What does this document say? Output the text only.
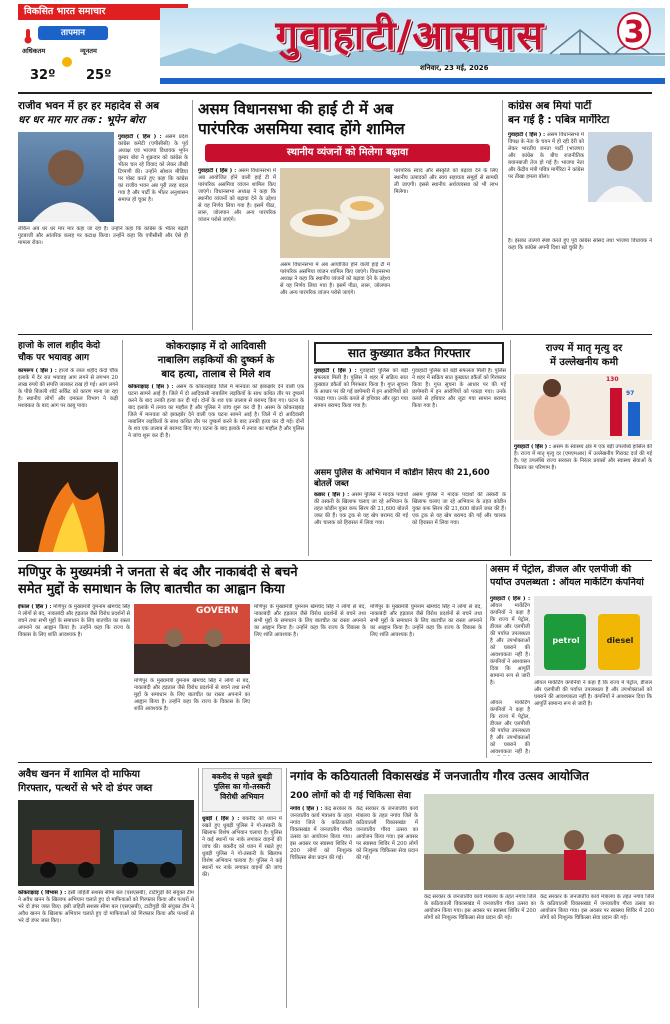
विकसित भारत समाचार
गुवाहाटी/आसपास	3
शनिवार, 23 मई, 2026
तापमान
अधिकतम	न्यूनतम
32º	25º
राजीव भवन में हर हर महादेव से अब
धर धर मार मार तक : भूपेन बोरा
गुवाहाटी ( हिंस ) : असम प्रदेश कांग्रेस कमेटी (एपीसीसी) के पूर्व अध्यक्ष एवं भाजपा विधायक भूपेन कुमार बोरा ने शुक्रवार को कांग्रेस के भीतर चल रहे विवाद को लेकर तीखी टिप्पणी की। उन्होंने सोशल मीडिया पर पोस्ट करते हुए कहा कि कांग्रेस का राजीव भवन अब पूरी तरह बदल गया है और पार्टी के भीतर अनुशासन समाप्त हो चुका है।
लेकिन अब धर धर मार मार कहा जा रहा है। उन्होंने कहा कि कांग्रेस के भीतर बढ़ती गुटबाजी और आंतरिक कलह पर कटाक्ष किया। उन्होंने कहा कि एपीसीसी और ऐसे ही मामला रोका।
असम विधानसभा की हाई टी में अब
पारंपरिक असमिया स्वाद होंगे शामिल
स्थानीय व्यंजनों को मिलेगा बढ़ावा
गुवाहाटी ( हिंस ) : असम विधानसभा में अब आयोजित होने वाली हाई टी में पारंपरिक असमिया व्यंजन शामिल किए जाएंगे। विधानसभा अध्यक्ष ने कहा कि स्थानीय व्यंजनों को बढ़ावा देने के उद्देश्य से यह निर्णय लिया गया है। इसमें पीठा, लारू, जोलपान और अन्य पारंपरिक व्यंजन परोसे जाएंगे।
पारंपरिक स्वाद और संस्कृति को बढ़ावा देने के लिए स्थानीय उत्पादकों और स्वयं सहायता समूहों से सामग्री ली जाएगी। इससे स्थानीय अर्थव्यवस्था को भी लाभ मिलेगा।
असम विधानसभा में अब आयोजित होने वाली हाई टी में पारंपरिक असमिया व्यंजन शामिल किए जाएंगे। विधानसभा अध्यक्ष ने कहा कि स्थानीय व्यंजनों को बढ़ावा देने के उद्देश्य से यह निर्णय लिया गया है। इसमें पीठा, लारू, जोलपान और अन्य पारंपरिक व्यंजन परोसे जाएंगे।
कांग्रेस अब मियां पार्टी
बन गई है : पबित्र मार्गेरिटा
गुवाहाटी ( हिंस ) : असम विधानसभा में विपक्ष के नेता के चयन में हो रही देरी को लेकर भारतीय जनता पार्टी (भाजपा) और कांग्रेस के बीच राजनीतिक बयानबाजी तेज हो गई है। भाजपा नेता और केंद्रीय मंत्री पबित्र मार्गेरिटा ने कांग्रेस पर तीखा हमला बोला।
है। इसका तात्पर्य स्पष्ट करते हुए पूर्व कांग्रेस सांसद तथा भाजपा विधायक ने कहा कि कांग्रेस अपनी दिशा खो चुकी है।
हाजो के लाल शहीद केदो
चौक पर भयावह आग
कामरूप ( हिंस ) : हाजो के लाल शहीद केदो चौक इलाके में देर रात भयावह आग लगने से लगभग 20 लाख रुपये की संपत्ति जलकर राख हो गई। आग लगने के पीछे बिजली शॉर्ट सर्किट को कारण माना जा रहा है। स्थानीय लोगों और दमकल विभाग ने कड़ी मशक्कत के बाद आग पर काबू पाया।
कोकराझाड़ में दो आदिवासी
नाबालिग लड़कियों की दुष्कर्म के
बाद हत्या, तालाब से मिले शव
कोकराझाड़ ( हिंस ) : असम के कोकराझाड़ जिले में मानवता को झकझोर देने वाली एक घटना सामने आई है। जिले में दो आदिवासी नाबालिग लड़कियों के साथ कथित तौर पर दुष्कर्म करने के बाद उनकी हत्या कर दी गई। दोनों के शव एक तालाब से बरामद किए गए। घटना के बाद इलाके में तनाव का माहौल है और पुलिस ने जांच शुरू कर दी है। असम के कोकराझाड़ जिले में मानवता को झकझोर देने वाली एक घटना सामने आई है। जिले में दो आदिवासी नाबालिग लड़कियों के साथ कथित तौर पर दुष्कर्म करने के बाद उनकी हत्या कर दी गई। दोनों के शव एक तालाब से बरामद किए गए। घटना के बाद इलाके में तनाव का माहौल है और पुलिस ने जांच शुरू कर दी है।
सात कुख्यात डकैत गिरफ्तार
गुवाहाटी ( हिंस ) : गुवाहाटी पुलिस को बड़ी सफलता मिली है। पुलिस ने शहर में सक्रिय सात कुख्यात डकैतों को गिरफ्तार किया है। गुप्त सूचना के आधार पर की गई छापेमारी में इन आरोपियों को पकड़ा गया। उनके कब्जे से हथियार और लूटा गया सामान बरामद किया गया है।
गुवाहाटी पुलिस को बड़ी सफलता मिली है। पुलिस ने शहर में सक्रिय सात कुख्यात डकैतों को गिरफ्तार किया है। गुप्त सूचना के आधार पर की गई छापेमारी में इन आरोपियों को पकड़ा गया। उनके कब्जे से हथियार और लूटा गया सामान बरामद किया गया है।
असम पुलिस के अभियान में कोडीन सिरप की 21,600 बोतलें जब्त
कछार ( हिंस ) : असम पुलिस ने मादक पदार्थों की तस्करी के खिलाफ चलाए जा रहे अभियान के तहत कोडीन युक्त कफ सिरप की 21,600 बोतलें जब्त की हैं। एक ट्रक से यह खेप बरामद की गई और चालक को हिरासत में लिया गया।
असम पुलिस ने मादक पदार्थों की तस्करी के खिलाफ चलाए जा रहे अभियान के तहत कोडीन युक्त कफ सिरप की 21,600 बोतलें जब्त की हैं। एक ट्रक से यह खेप बरामद की गई और चालक को हिरासत में लिया गया।
राज्य में मातृ मृत्यु दर
में उल्लेखनीय कमी
130
97
गुवाहाटी ( हिंस ) : असम के स्वास्थ्य क्षेत्र में एक बड़ी उपलब्धि हासिल की है। राज्य में मातृ मृत्यु दर (एमएमआर) में उल्लेखनीय गिरावट दर्ज की गई है। यह उपलब्धि राज्य सरकार के निरंतर प्रयासों और स्वास्थ्य सेवाओं के विस्तार का परिणाम है।
मणिपुर के मुख्यमंत्री ने जनता से बंद और नाकाबंदी से बचने
समेत मुद्दों के समाधान के लिए बातचीत का आह्वान किया
इंफाल ( हिंस ) : मणिपुर के मुख्यमंत्री युमनाम खेमचंद सिंह ने लोगों से बंद, नाकाबंदी और हड़ताल जैसे विरोध प्रदर्शनों से बचने तथा सभी मुद्दों के समाधान के लिए बातचीत का रास्ता अपनाने का आह्वान किया है। उन्होंने कहा कि राज्य के विकास के लिए शांति आवश्यक है।
GOVERN
मणिपुर के मुख्यमंत्री युमनाम खेमचंद सिंह ने लोगों से बंद, नाकाबंदी और हड़ताल जैसे विरोध प्रदर्शनों से बचने तथा सभी मुद्दों के समाधान के लिए बातचीत का रास्ता अपनाने का आह्वान किया है। उन्होंने कहा कि राज्य के विकास के लिए शांति आवश्यक है।
मणिपुर के मुख्यमंत्री युमनाम खेमचंद सिंह ने लोगों से बंद, नाकाबंदी और हड़ताल जैसे विरोध प्रदर्शनों से बचने तथा सभी मुद्दों के समाधान के लिए बातचीत का रास्ता अपनाने का आह्वान किया है। उन्होंने कहा कि राज्य के विकास के लिए शांति आवश्यक है।
मणिपुर के मुख्यमंत्री युमनाम खेमचंद सिंह ने लोगों से बंद, नाकाबंदी और हड़ताल जैसे विरोध प्रदर्शनों से बचने तथा सभी मुद्दों के समाधान के लिए बातचीत का रास्ता अपनाने का आह्वान किया है। उन्होंने कहा कि राज्य के विकास के लिए शांति आवश्यक है।
असम में पेट्रोल, डीजल और एलपीजी की
पर्याप्त उपलब्धता : ऑयल मार्केटिंग कंपनियां
गुवाहाटी ( हिंस ) : ऑयल मार्केटिंग कंपनियों ने कहा है कि राज्य में पेट्रोल, डीजल और एलपीजी की पर्याप्त उपलब्धता है और उपभोक्ताओं को घबराने की आवश्यकता नहीं है। कंपनियों ने आश्वासन दिया कि आपूर्ति सामान्य रूप से जारी है।
petrol	diesel
ऑयल मार्केटिंग कंपनियों ने कहा है कि राज्य में पेट्रोल, डीजल और एलपीजी की पर्याप्त उपलब्धता है और उपभोक्ताओं को घबराने की आवश्यकता नहीं है। कंपनियों ने आश्वासन दिया कि आपूर्ति सामान्य रूप से जारी है।
ऑयल मार्केटिंग कंपनियों ने कहा है कि राज्य में पेट्रोल, डीजल और एलपीजी की पर्याप्त उपलब्धता है और उपभोक्ताओं को घबराने की आवश्यकता नहीं है।
अवैध खनन में शामिल दो माफिया
गिरफ्तार, पत्थरों से भरे दो डंपर जब्त
कोकराझाड़ ( विभास ) : इसी जहिती सशस्त्र सीमा बल (एसएसबी), टाटीगुड़ी की संयुक्त टीम ने अवैध खनन के खिलाफ अभियान चलाते हुए दो माफियाओं को गिरफ्तार किया और पत्थरों से भरे दो डंपर जब्त किए। इसी जहिती सशस्त्र सीमा बल (एसएसबी), टाटीगुड़ी की संयुक्त टीम ने अवैध खनन के खिलाफ अभियान चलाते हुए दो माफियाओं को गिरफ्तार किया और पत्थरों से भरे दो डंपर जब्त किए।
बकरीद से पहले धुबड़ी
पुलिस का गो-तस्करी
विरोधी अभियान
धुबड़ी ( हिंस ) : बकरीद को ध्यान में रखते हुए धुबड़ी पुलिस ने गो-तस्करी के खिलाफ विशेष अभियान चलाया है। पुलिस ने कई स्थानों पर नाके लगाकर वाहनों की जांच की। बकरीद को ध्यान में रखते हुए धुबड़ी पुलिस ने गो-तस्करी के खिलाफ विशेष अभियान चलाया है। पुलिस ने कई स्थानों पर नाके लगाकर वाहनों की जांच की।
नगांव के कठियातली विकासखंड में जनजातीय गौरव उत्सव आयोजित
200 लोगों को दी गई चिकित्सा सेवा
नगांव ( हिंस ) : केंद्र सरकार के जनजातीय कार्य मंत्रालय के तहत नगांव जिले के कठियातली विकासखंड में जनजातीय गौरव उत्सव का आयोजन किया गया। इस अवसर पर स्वास्थ्य शिविर में 200 लोगों को निःशुल्क चिकित्सा सेवा प्रदान की गई।
केंद्र सरकार के जनजातीय कार्य मंत्रालय के तहत नगांव जिले के कठियातली विकासखंड में जनजातीय गौरव उत्सव का आयोजन किया गया। इस अवसर पर स्वास्थ्य शिविर में 200 लोगों को निःशुल्क चिकित्सा सेवा प्रदान की गई।
केंद्र सरकार के जनजातीय कार्य मंत्रालय के तहत नगांव जिले के कठियातली विकासखंड में जनजातीय गौरव उत्सव का आयोजन किया गया। इस अवसर पर स्वास्थ्य शिविर में 200 लोगों को निःशुल्क चिकित्सा सेवा प्रदान की गई।
केंद्र सरकार के जनजातीय कार्य मंत्रालय के तहत नगांव जिले के कठियातली विकासखंड में जनजातीय गौरव उत्सव का आयोजन किया गया। इस अवसर पर स्वास्थ्य शिविर में 200 लोगों को निःशुल्क चिकित्सा सेवा प्रदान की गई।
